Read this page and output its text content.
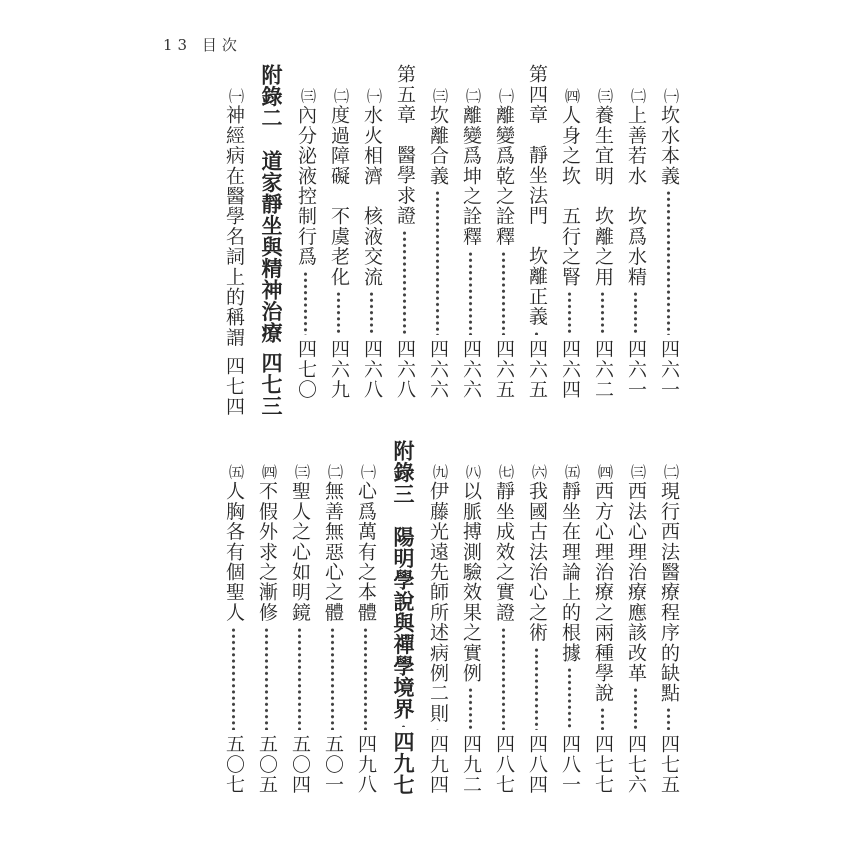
13 目次
㈠
坎水本義
四六一
㈡
上善若水　坎爲水精
四六一
㈢
養生宜明　坎離之用
四六二
㈣
人身之坎　五行之腎
四六四
第四章　靜坐法門　坎離正義
四六五
㈠
離變爲乾之詮釋
四六五
㈡
離變爲坤之詮釋
四六六
㈢
坎離合義
四六六
第五章　醫學求證
四六八
㈠
水火相濟　核液交流
四六八
㈡
度過障礙　不虞老化
四六九
㈢
內分泌液控制行爲
四七〇
附錄二　道家靜坐與精神治療
四七三
㈠
神經病在醫學名詞上的稱謂
四七四
㈡
現行西法醫療程序的缺點
四七五
㈢
西法心理治療應該改革
四七六
㈣
西方心理治療之兩種學說
四七七
㈤
靜坐在理論上的根據
四八一
㈥
我國古法治心之術
四八四
㈦
靜坐成效之實證
四八七
㈧
以脈搏測驗效果之實例
四九二
㈨
伊藤光遠先師所述病例二則
四九四
附錄三　陽明學說與禪學境界
四九七
㈠
心爲萬有之本體
四九八
㈡
無善無惡心之體
五〇一
㈢
聖人之心如明鏡
五〇四
㈣
不假外求之漸修
五〇五
㈤
人胸各有個聖人
五〇七
